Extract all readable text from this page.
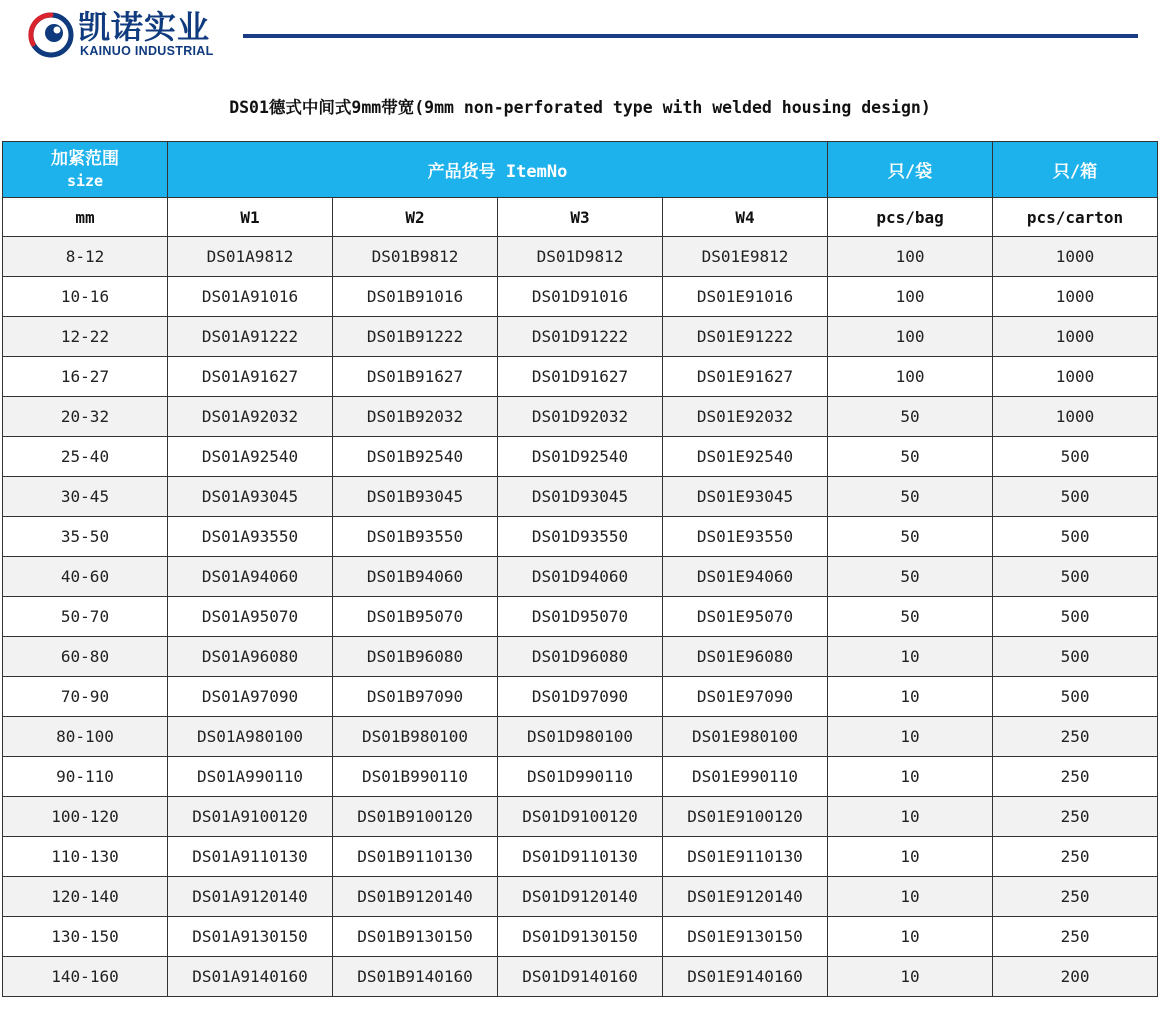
凯诺实业
KAINUO INDUSTRIAL
DS01德式中间式9mm带宽(9mm non-perforated type with welded housing design)
加紧范围
size	产品货号 ItemNo				只/袋	只/箱
mm	W1	W2	W3	W4	pcs/bag	pcs/carton
8-12	DS01A9812	DS01B9812	DS01D9812	DS01E9812	100	1000
10-16	DS01A91016	DS01B91016	DS01D91016	DS01E91016	100	1000
12-22	DS01A91222	DS01B91222	DS01D91222	DS01E91222	100	1000
16-27	DS01A91627	DS01B91627	DS01D91627	DS01E91627	100	1000
20-32	DS01A92032	DS01B92032	DS01D92032	DS01E92032	50	1000
25-40	DS01A92540	DS01B92540	DS01D92540	DS01E92540	50	500
30-45	DS01A93045	DS01B93045	DS01D93045	DS01E93045	50	500
35-50	DS01A93550	DS01B93550	DS01D93550	DS01E93550	50	500
40-60	DS01A94060	DS01B94060	DS01D94060	DS01E94060	50	500
50-70	DS01A95070	DS01B95070	DS01D95070	DS01E95070	50	500
60-80	DS01A96080	DS01B96080	DS01D96080	DS01E96080	10	500
70-90	DS01A97090	DS01B97090	DS01D97090	DS01E97090	10	500
80-100	DS01A980100	DS01B980100	DS01D980100	DS01E980100	10	250
90-110	DS01A990110	DS01B990110	DS01D990110	DS01E990110	10	250
100-120	DS01A9100120	DS01B9100120	DS01D9100120	DS01E9100120	10	250
110-130	DS01A9110130	DS01B9110130	DS01D9110130	DS01E9110130	10	250
120-140	DS01A9120140	DS01B9120140	DS01D9120140	DS01E9120140	10	250
130-150	DS01A9130150	DS01B9130150	DS01D9130150	DS01E9130150	10	250
140-160	DS01A9140160	DS01B9140160	DS01D9140160	DS01E9140160	10	200
